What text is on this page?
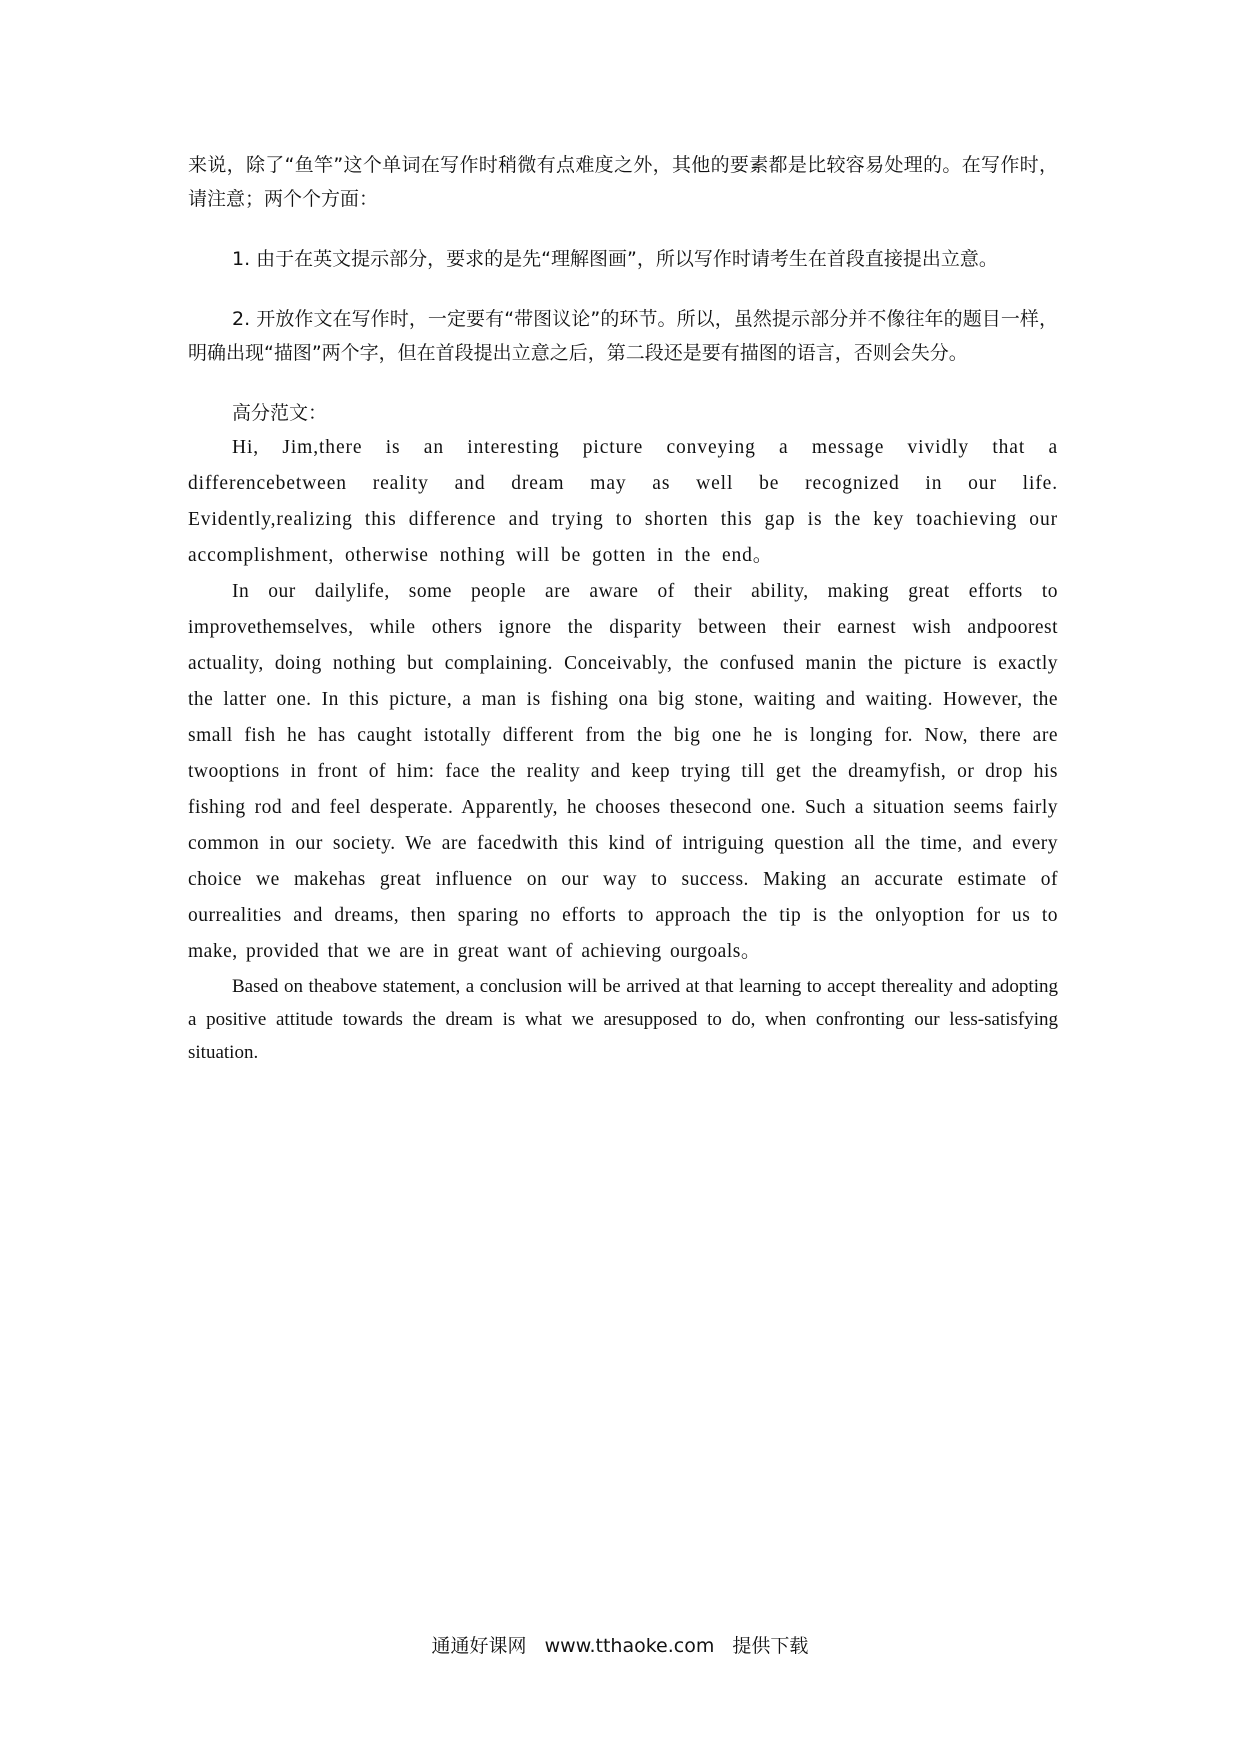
来说，除了“鱼竿”这个单词在写作时稍微有点难度之外，其他的要素都是比较容易处理的。在写作时，请注意；两个个方面：

1. 由于在英文提示部分，要求的是先“理解图画”，所以写作时请考生在首段直接提出立意。

2. 开放作文在写作时，一定要有“带图议论”的环节。所以，虽然提示部分并不像往年的题目一样，明确出现“描图”两个字，但在首段提出立意之后，第二段还是要有描图的语言，否则会失分。

高分范文：

Hi, Jim,there is an interesting picture conveying a message vividly that a differencebetween reality and dream may as well be recognized in our life. Evidently,realizing this difference and trying to shorten this gap is the key toachieving our accomplishment, otherwise nothing will be gotten in the end。

In our dailylife, some people are aware of their ability, making great efforts to improvethemselves, while others ignore the disparity between their earnest wish andpoorest actuality, doing nothing but complaining. Conceivably, the confused manin the picture is exactly the latter one. In this picture, a man is fishing ona big stone, waiting and waiting. However, the small fish he has caught istotally different from the big one he is longing for. Now, there are twooptions in front of him: face the reality and keep trying till get the dreamyfish, or drop his fishing rod and feel desperate. Apparently, he chooses thesecond one. Such a situation seems fairly common in our society. We are facedwith this kind of intriguing question all the time, and every choice we makehas great influence on our way to success. Making an accurate estimate of ourrealities and dreams, then sparing no efforts to approach the tip is the onlyoption for us to make, provided that we are in great want of achieving ourgoals。

Based on theabove statement, a conclusion will be arrived at that learning to accept thereality and adopting a positive attitude towards the dream is what we aresupposed to do, when confronting our less-satisfying situation.

通通好课网 www.tthaoke.com 提供下载
